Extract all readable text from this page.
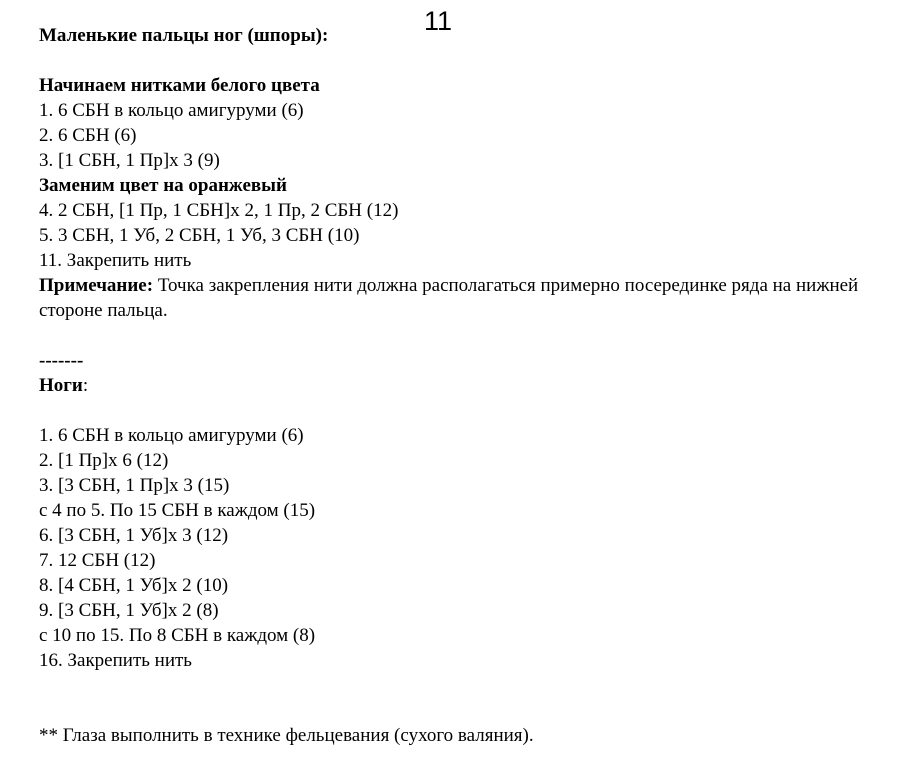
11
Маленькие пальцы ног (шпоры):
Начинаем нитками белого цвета
1. 6 СБН в кольцо амигуруми (6)
2. 6 СБН (6)
3. [1 СБН, 1 Пр]х 3 (9)
Заменим цвет на оранжевый
4. 2 СБН, [1 Пр, 1 СБН]х 2, 1 Пр, 2 СБН (12)
5. 3 СБН, 1 Уб, 2 СБН, 1 Уб, 3 СБН (10)
11. Закрепить нить
Примечание: Точка закрепления нити должна располагаться примерно посерединке ряда на нижней стороне пальца.
-------
Ноги:
1. 6 СБН в кольцо амигуруми (6)
2. [1 Пр]х 6 (12)
3. [3 СБН, 1 Пр]х 3 (15)
с 4 по 5. По 15 СБН в каждом (15)
6. [3 СБН, 1 Уб]х 3 (12)
7. 12 СБН (12)
8. [4 СБН, 1 Уб]х 2 (10)
9. [3 СБН, 1 Уб]х 2 (8)
с 10 по 15. По 8 СБН в каждом (8)
16. Закрепить нить
** Глаза выполнить в технике фельцевания (сухого валяния).
